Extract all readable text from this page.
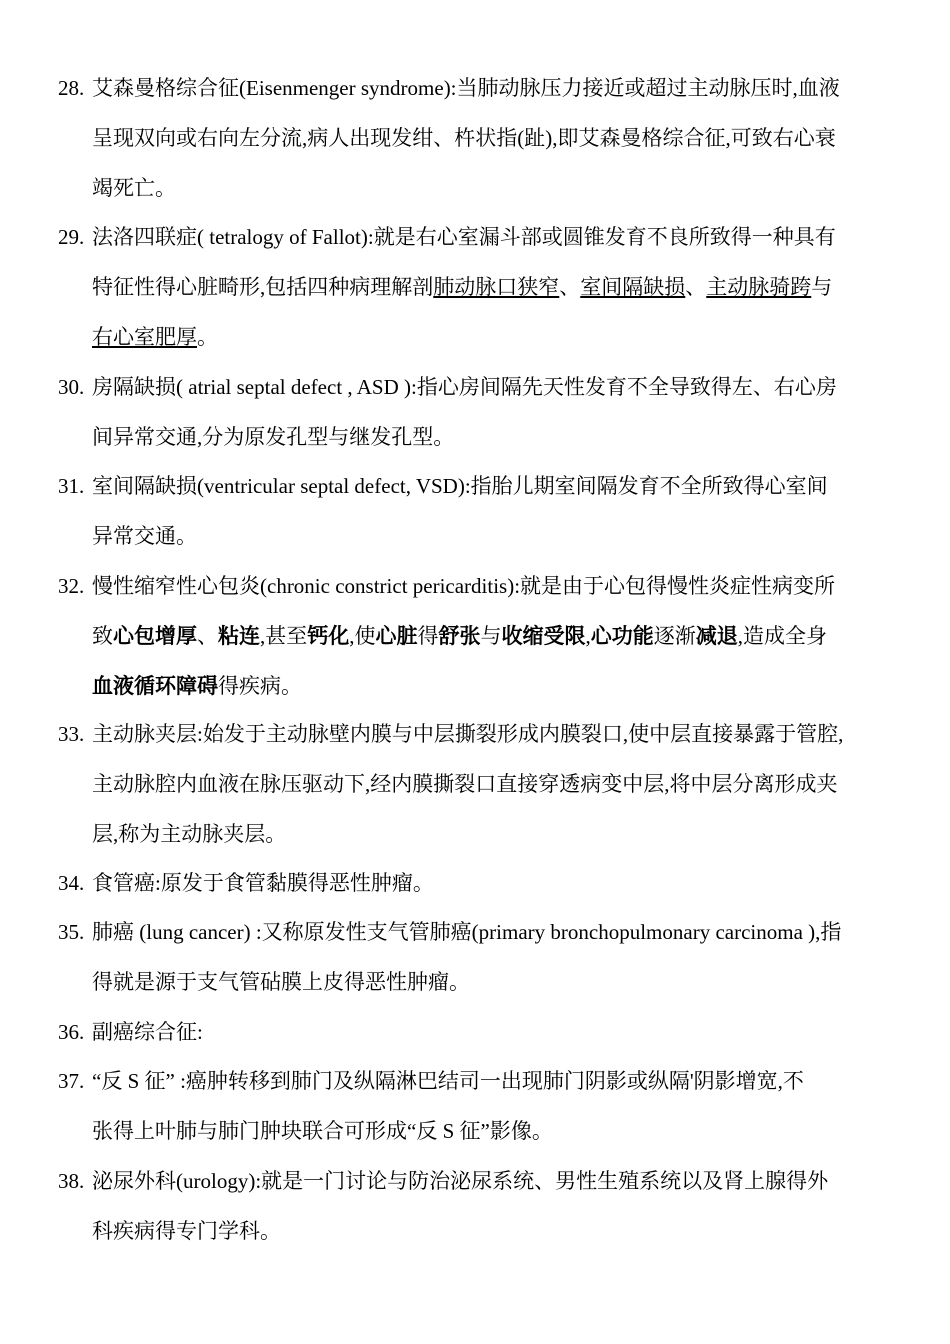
28. 艾森曼格综合征(Eisenmenger syndrome):当肺动脉压力接近或超过主动脉压时,血液
呈现双向或右向左分流,病人出现发绀、杵状指(趾),即艾森曼格综合征,可致右心衰
竭死亡。
29. 法洛四联症( tetralogy of Fallot):就是右心室漏斗部或圆锥发育不良所致得一种具有
特征性得心脏畸形,包括四种病理解剖肺动脉口狭窄、室间隔缺损、主动脉骑跨与
右心室肥厚。
30. 房隔缺损( atrial septal defect , ASD ):指心房间隔先天性发育不全导致得左、右心房
间异常交通,分为原发孔型与继发孔型。
31. 室间隔缺损(ventricular septal defect, VSD):指胎儿期室间隔发育不全所致得心室间
异常交通。
32. 慢性缩窄性心包炎(chronic constrict pericarditis):就是由于心包得慢性炎症性病变所
致心包增厚、粘连,甚至钙化,使心脏得舒张与收缩受限,心功能逐渐减退,造成全身
血液循环障碍得疾病。
33. 主动脉夹层:始发于主动脉壁内膜与中层撕裂形成内膜裂口,使中层直接暴露于管腔,
主动脉腔内血液在脉压驱动下,经内膜撕裂口直接穿透病变中层,将中层分离形成夹
层,称为主动脉夹层。
34. 食管癌:原发于食管黏膜得恶性肿瘤。
35. 肺癌 (lung cancer) :又称原发性支气管肺癌(primary bronchopulmonary carcinoma ),指
得就是源于支气管砧膜上皮得恶性肿瘤。
36. 副癌综合征:
37. “反 S 征” :癌肿转移到肺门及纵隔淋巴结司一出现肺门阴影或纵隔'阴影增宽,不
张得上叶肺与肺门肿块联合可形成“反 S 征”影像。
38. 泌尿外科(urology):就是一门讨论与防治泌尿系统、男性生殖系统以及肾上腺得外
科疾病得专门学科。
